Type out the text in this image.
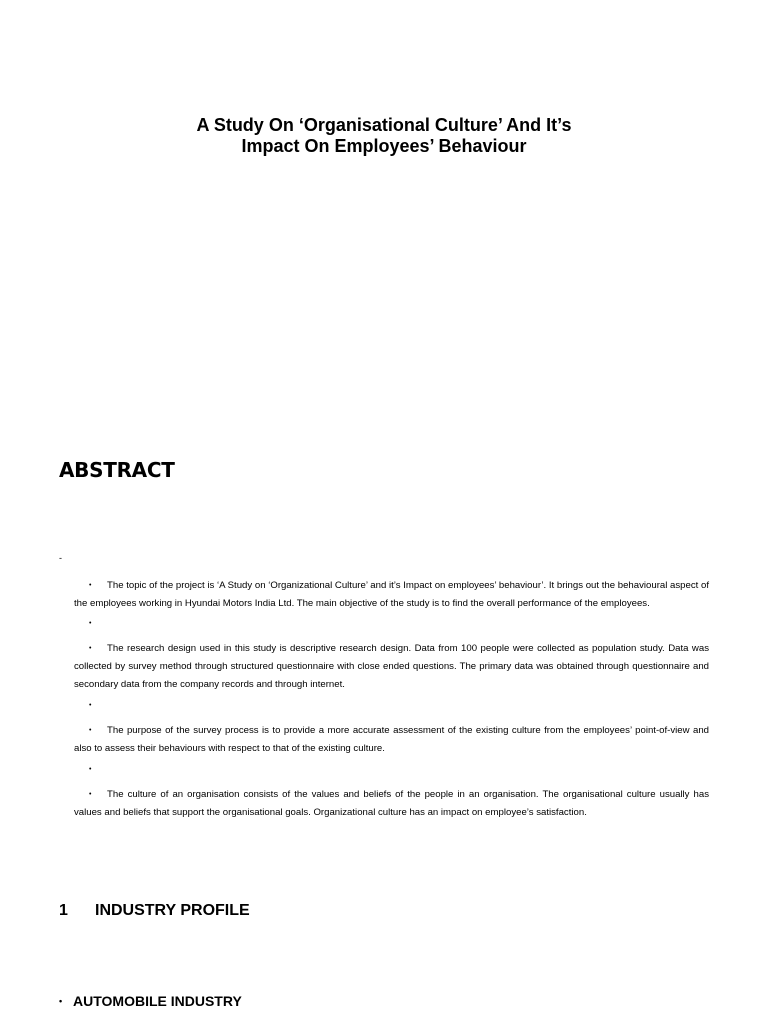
A Study On ‘Organisational Culture’ And It’s
Impact On Employees’ Behaviour
ABSTRACT
-
• The topic of the project is ‘A Study on ‘Organizational Culture’ and it’s Impact on employees’ behaviour’. It brings out the behavioural aspect of the employees working in Hyundai Motors India Ltd. The main objective of the study is to find the overall performance of the employees.
•
• The research design used in this study is descriptive research design. Data from 100 people were collected as population study. Data was collected by survey method through structured questionnaire with close ended questions. The primary data was obtained through questionnaire and secondary data from the company records and through internet.
•
• The purpose of the survey process is to provide a more accurate assessment of the existing culture from the employees’ point-of-view and also to assess their behaviours with respect to that of the existing culture.
•
• The culture of an organisation consists of the values and beliefs of the people in an organisation. The organisational culture usually has values and beliefs that support the organisational goals. Organizational culture has an impact on employee’s satisfaction.
1 INDUSTRY PROFILE
• AUTOMOBILE INDUSTRY
